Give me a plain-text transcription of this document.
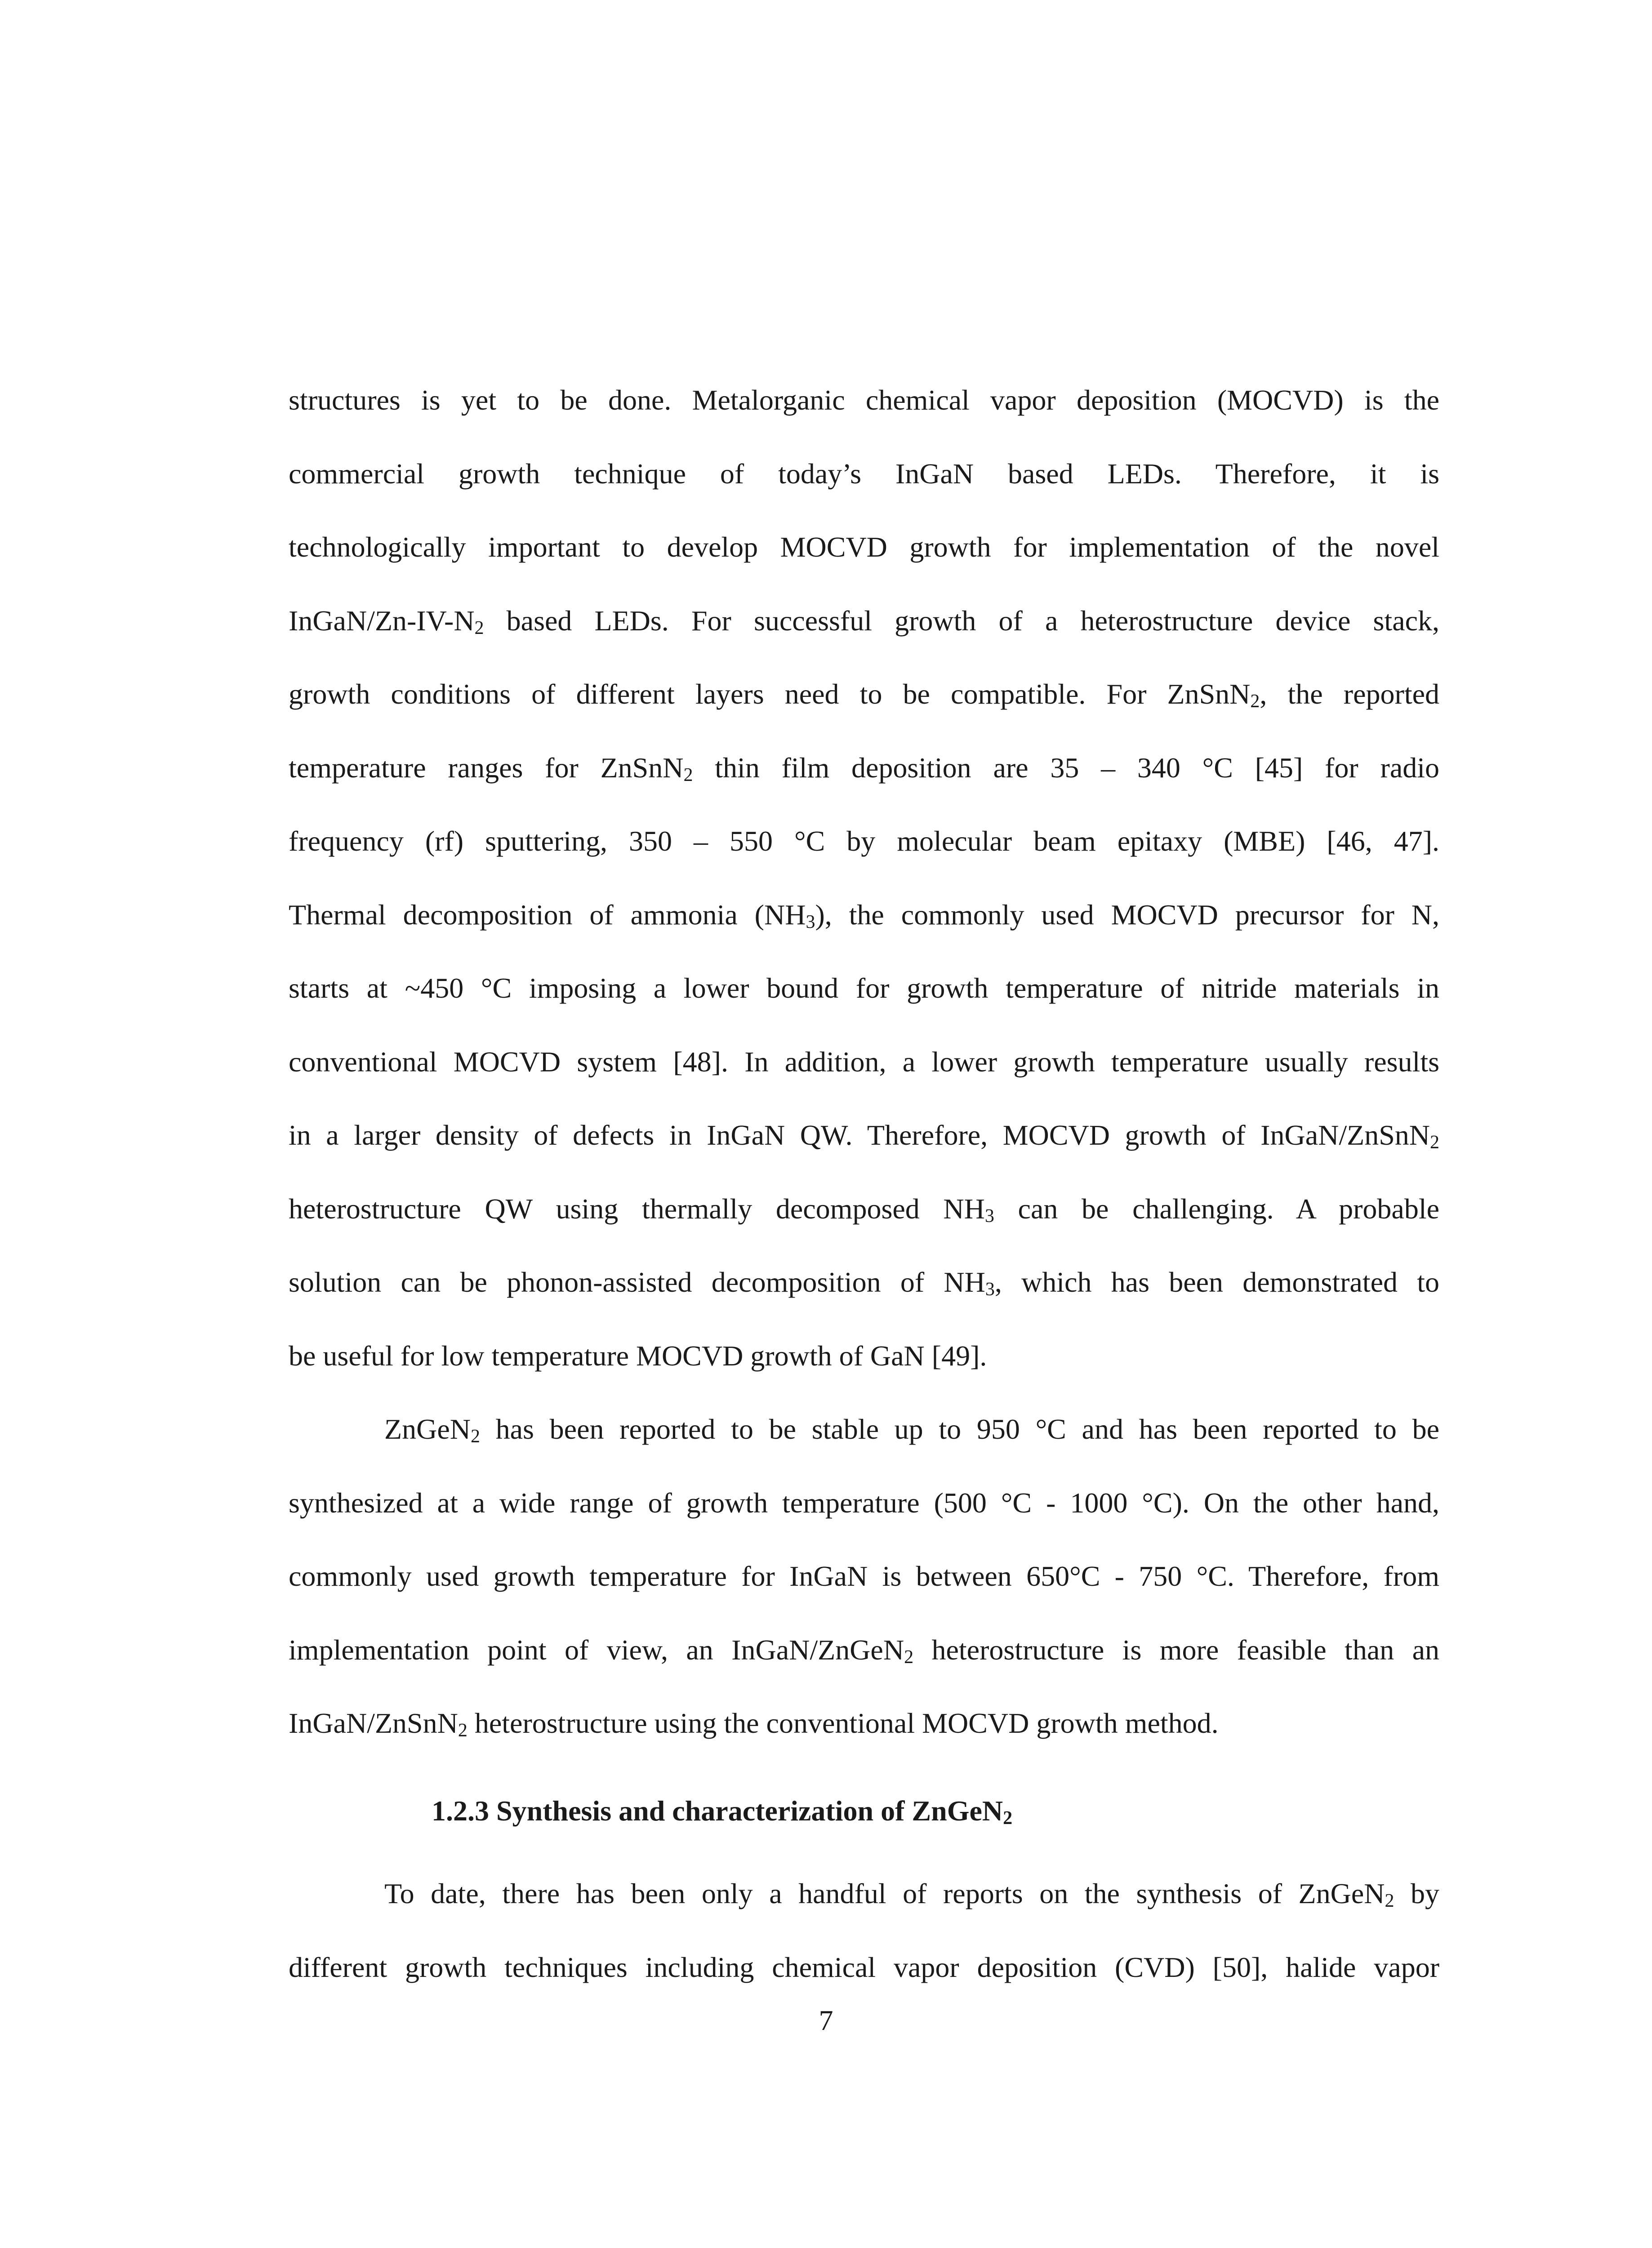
structures is yet to be done. Metalorganic chemical vapor deposition (MOCVD) is the
commercial growth technique of today’s InGaN based LEDs. Therefore, it is
technologically important to develop MOCVD growth for implementation of the novel
InGaN/$Zn-IV-N_2$ based LEDs. For successful growth of a heterostructure device stack,
growth conditions of different layers need to be compatible. For ZnSnN$_2$, the reported
temperature ranges for ZnSnN$_2$ thin film deposition are 35 – 340 °C [45] for radio
frequency (rf) sputtering, 350 – 550 °C by molecular beam epitaxy (MBE) [46, 47].
Thermal decomposition of ammonia $(NH_3)$, the commonly used MOCVD precursor for N,
starts at ~450 °C imposing a lower bound for growth temperature of nitride materials in
conventional MOCVD system [48]. In addition, a lower growth temperature usually results
in a larger density of defects in InGaN QW. Therefore, MOCVD growth of InGaN/ZnSnN$_2$
heterostructure QW using thermally decomposed $NH_3$ can be challenging. A probable
solution can be phonon-assisted decomposition of $NH_3$, which has been demonstrated to
be useful for low temperature MOCVD growth of GaN [49].
ZnGeN$_2$ has been reported to be stable up to 950 °C and has been reported to be
synthesized at a wide range of growth temperature (500 °C - 1000 °C). On the other hand,
commonly used growth temperature for InGaN is between 650°C - 750 °C. Therefore, from
implementation point of view, an InGaN/ZnGeN$_2$ heterostructure is more feasible than an
InGaN/ZnSnN$_2$ heterostructure using the conventional MOCVD growth method.
1.2.3 Synthesis and characterization of ZnGeN$_2$
To date, there has been only a handful of reports on the synthesis of ZnGeN$_2$ by
different growth techniques including chemical vapor deposition (CVD) [50], halide vapor
7
